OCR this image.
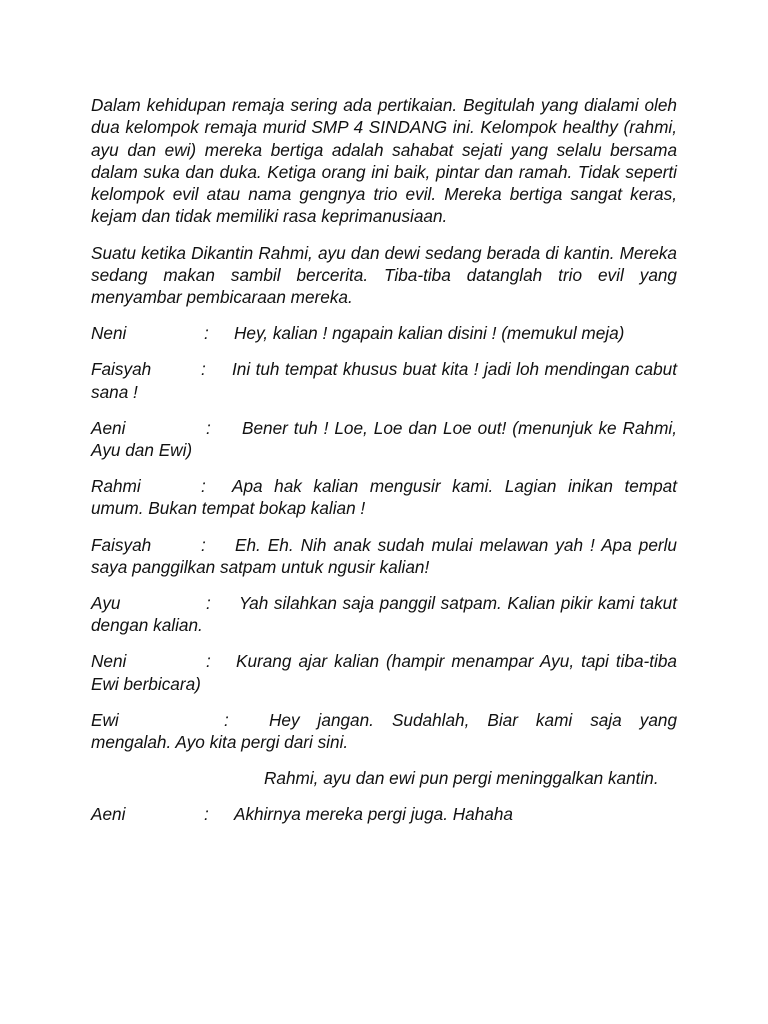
Dalam kehidupan remaja sering ada pertikaian. Begitulah yang dialami oleh dua kelompok remaja murid SMP 4 SINDANG ini. Kelompok healthy (rahmi, ayu dan ewi) mereka bertiga adalah sahabat sejati yang selalu bersama dalam suka dan duka. Ketiga orang ini baik, pintar dan ramah. Tidak seperti kelompok evil atau nama gengnya trio evil. Mereka bertiga sangat keras, kejam dan tidak memiliki rasa keprimanusiaan.

Suatu ketika Dikantin Rahmi, ayu dan dewi sedang berada di kantin. Mereka sedang makan sambil bercerita. Tiba-tiba datanglah trio evil yang menyambar pembicaraan mereka.

Neni	: Hey, kalian ! ngapain kalian disini ! (memukul meja)

Faisyah	: Ini tuh tempat khusus buat kita ! jadi loh mendingan cabut sana !

Aeni	: Bener tuh ! Loe, Loe dan Loe out! (menunjuk ke Rahmi, Ayu dan Ewi)

Rahmi	: Apa hak kalian mengusir kami. Lagian inikan tempat umum. Bukan tempat bokap kalian !

Faisyah	: Eh. Eh. Nih anak sudah mulai melawan yah ! Apa perlu saya panggilkan satpam untuk ngusir kalian!

Ayu	: Yah silahkan saja panggil satpam. Kalian pikir kami takut dengan kalian.

Neni	: Kurang ajar kalian (hampir menampar Ayu, tapi tiba-tiba Ewi berbicara)

Ewi	: Hey jangan. Sudahlah, Biar kami saja yang mengalah. Ayo kita pergi dari sini.

Rahmi, ayu dan ewi pun pergi meninggalkan kantin.

Aeni	: Akhirnya mereka pergi juga. Hahaha
